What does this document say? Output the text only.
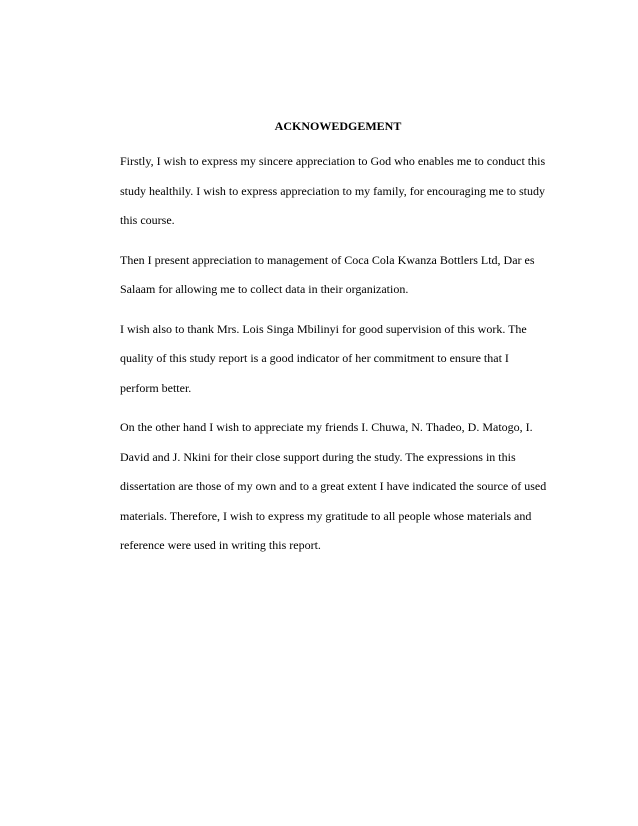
ACKNOWEDGEMENT

Firstly, I wish to express my sincere appreciation to God who enables me to conduct this
study healthily. I wish to express appreciation to my family, for encouraging me to study
this course.

Then I present appreciation to management of Coca Cola Kwanza Bottlers Ltd, Dar es
Salaam for allowing me to collect data in their organization.

I wish also to thank Mrs. Lois Singa Mbilinyi for good supervision of this work. The
quality of this study report is a good indicator of her commitment to ensure that I
perform better.

On the other hand I wish to appreciate my friends I. Chuwa, N. Thadeo, D. Matogo, I.
David and J. Nkini for their close support during the study. The expressions in this
dissertation are those of my own and to a great extent I have indicated the source of used
materials. Therefore, I wish to express my gratitude to all people whose materials and
reference were used in writing this report.
